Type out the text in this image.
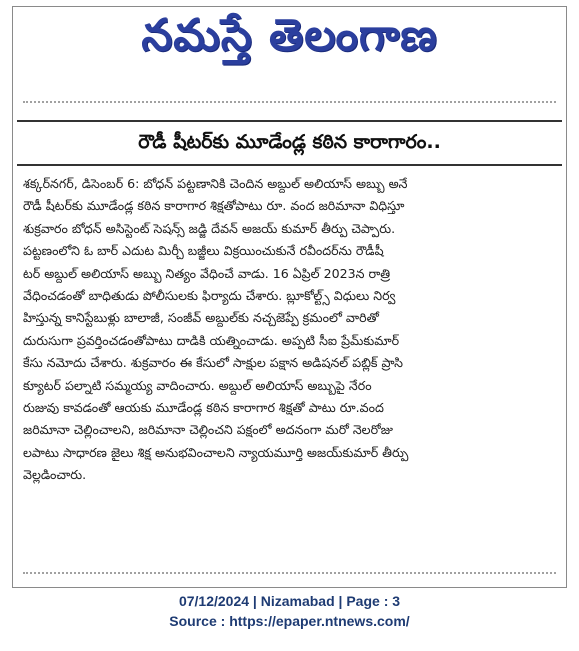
నమస్తే తెలంగాణ
రౌడీ షీటర్‌కు మూడేండ్ల కఠిన కారాగారం..
శక్కర్‌నగర్, డిసెంబర్ 6: బోధన్ పట్టణానికి చెందిన అబ్దుల్ అలియాస్ అబ్బు అనే
రౌడీ షీటర్‌కు మూడేండ్ల కఠిన కారాగార శిక్షతోపాటు రూ. వంద జరిమానా విధిస్తూ
శుక్రవారం బోధన్ అసిస్టెంట్ సెషన్స్ జడ్జి దేవన్ అజయ్ కుమార్ తీర్పు చెప్పారు.
పట్టణంలోని ఓ బార్ ఎదుట మిర్చీ బజ్జీలు విక్రయించుకునే రవీందర్‌ను రౌడీషీ
టర్ అబ్దుల్ అలియాస్ అబ్బు నిత్యం వేధించే వాడు. 16 ఏప్రిల్ 2023న రాత్రి
వేధించడంతో బాధితుడు పోలీసులకు ఫిర్యాదు చేశారు. బ్లూకోల్ట్స్ విధులు నిర్వ
హిస్తున్న కానిస్టేబుళ్లు బాలాజీ, సంజీవ్ అబ్దుల్‌కు నచ్చజెప్పే క్రమంలో వారితో
దురుసుగా ప్రవర్తించడంతోపాటు దాడికి యత్నించాడు. అప్పటి సీఐ ప్రేమ్‌కుమార్
కేసు నమోదు చేశారు. శుక్రవారం ఈ కేసులో సాక్షుల పక్షాన అడిషనల్ పబ్లిక్ ప్రాసి
క్యూటర్ పల్నాటి సమ్మయ్య వాదించారు. అబ్దుల్ అలియాస్ అబ్బుపై నేరం
రుజువు కావడంతో ఆయకు మూడేండ్ల కఠిన కారాగార శిక్షతో పాటు రూ.వంద
జరిమానా చెల్లించాలని, జరిమానా చెల్లించని పక్షంలో అదనంగా మరో నెలరోజు
లపాటు సాధారణ జైలు శిక్ష అనుభవించాలని న్యాయమూర్తి అజయ్‌కుమార్ తీర్పు
వెల్లడించారు.
07/12/2024 | Nizamabad | Page : 3
Source : https://epaper.ntnews.com/
